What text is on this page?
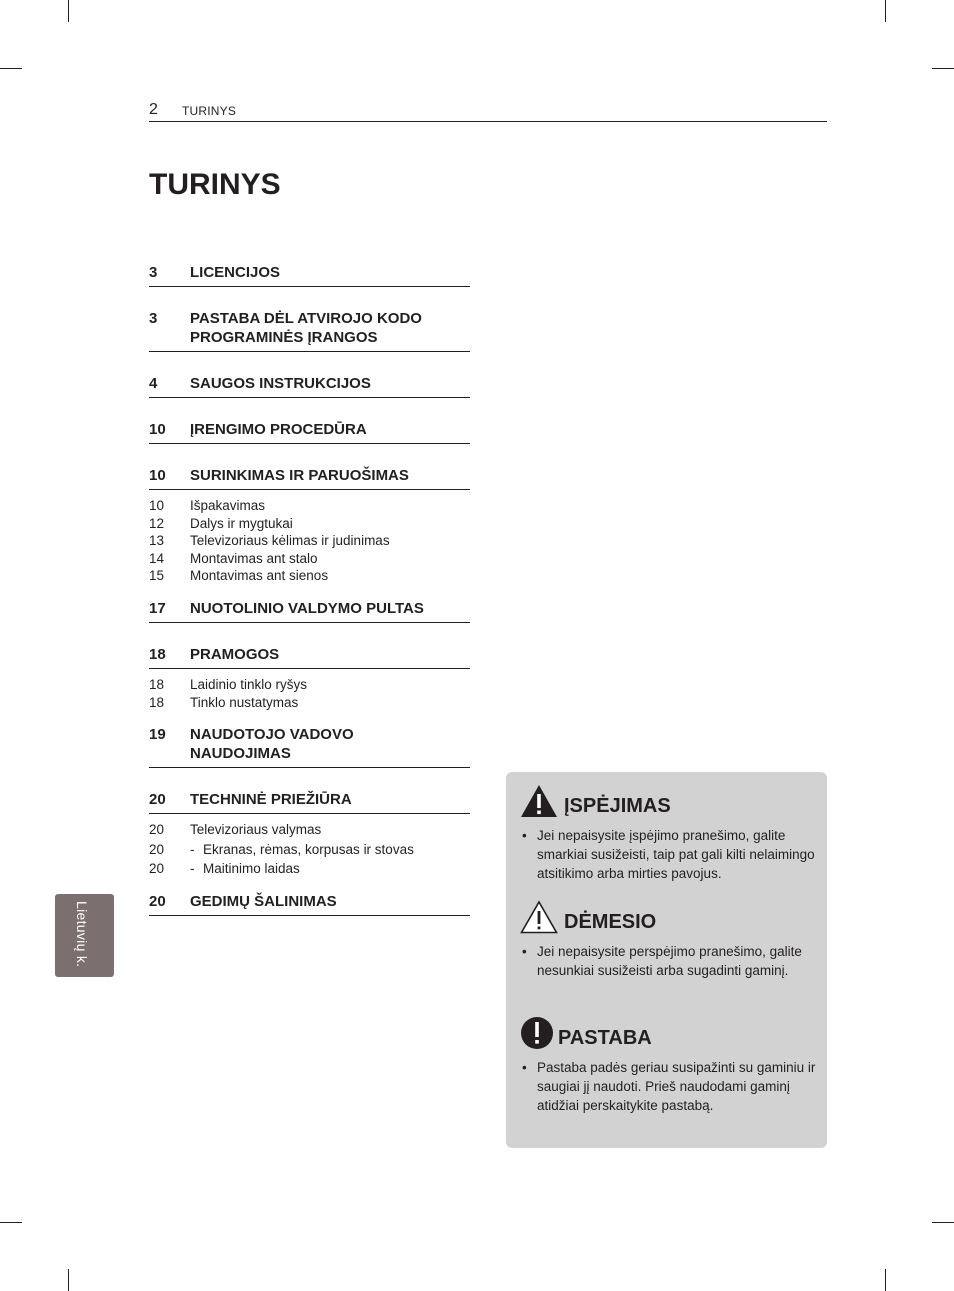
2 TURINYS
TURINYS
3	LICENCIJOS
3	PASTABA DĖL ATVIROJO KODO PROGRAMINĖS ĮRANGOS
4	SAUGOS INSTRUKCIJOS
10	ĮRENGIMO PROCEDŪRA
10	SURINKIMAS IR PARUOŠIMAS
10	Išpakavimas
12	Dalys ir mygtukai
13	Televizoriaus kėlimas ir judinimas
14	Montavimas ant stalo
15	Montavimas ant sienos
17	NUOTOLINIO VALDYMO PULTAS
18	PRAMOGOS
18	Laidinio tinklo ryšys
18	Tinklo nustatymas
19	NAUDOTOJO VADOVO NAUDOJIMAS
20	TECHNINĖ PRIEŽIŪRA
20	Televizoriaus valymas
20	- Ekranas, rėmas, korpusas ir stovas
20	- Maitinimo laidas
20	GEDIMŲ ŠALINIMAS
Lietuvių k.
ĮSPĖJIMAS
• Jei nepaisysite įspėjimo pranešimo, galite smarkiai susižeisti, taip pat gali kilti nelaimingo atsitikimo arba mirties pavojus.
DĖMESIO
• Jei nepaisysite perspėjimo pranešimo, galite nesunkiai susižeisti arba sugadinti gaminį.
PASTABA
• Pastaba padės geriau susipažinti su gaminiu ir saugiai jį naudoti. Prieš naudodami gaminį atidžiai perskaitykite pastabą.
